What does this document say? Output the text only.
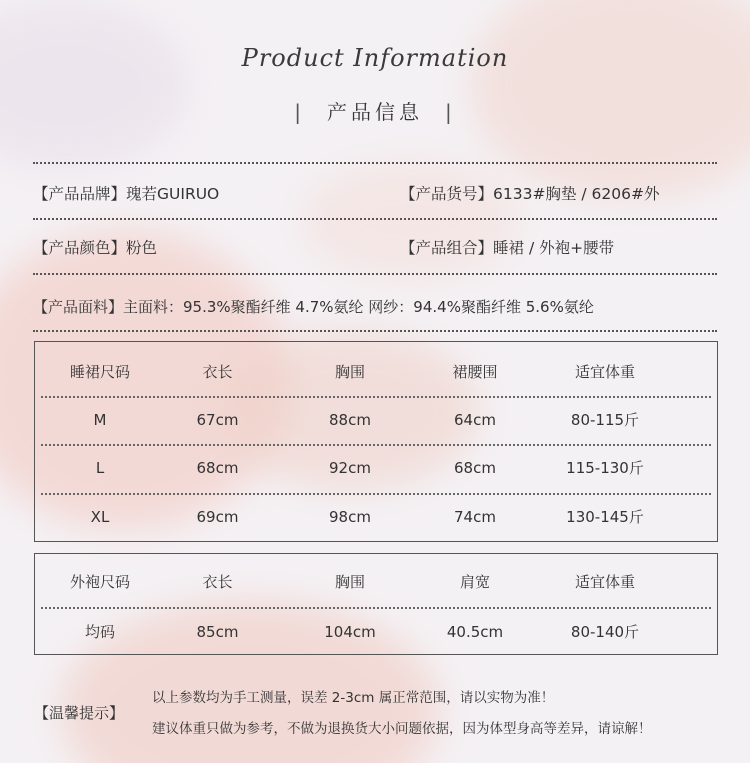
Product Information
| 产品信息 |
【产品品牌】瑰若GUIRUO	【产品货号】6133#胸垫 / 6206#外
【产品颜色】粉色	【产品组合】睡裙 / 外袍+腰带
【产品面料】主面料：95.3%聚酯纤维 4.7%氨纶 网纱：94.4%聚酯纤维 5.6%氨纶
睡裙尺码	衣长	胸围	裙腰围	适宜体重
M	67cm	88cm	64cm	80-115斤
L	68cm	92cm	68cm	115-130斤
XL	69cm	98cm	74cm	130-145斤
外袍尺码	衣长	胸围	肩宽	适宜体重
均码	85cm	104cm	40.5cm	80-140斤
【温馨提示】
以上参数均为手工测量，误差 2-3cm 属正常范围，请以实物为准！
建议体重只做为参考，不做为退换货大小问题依据，因为体型身高等差异，请谅解！
